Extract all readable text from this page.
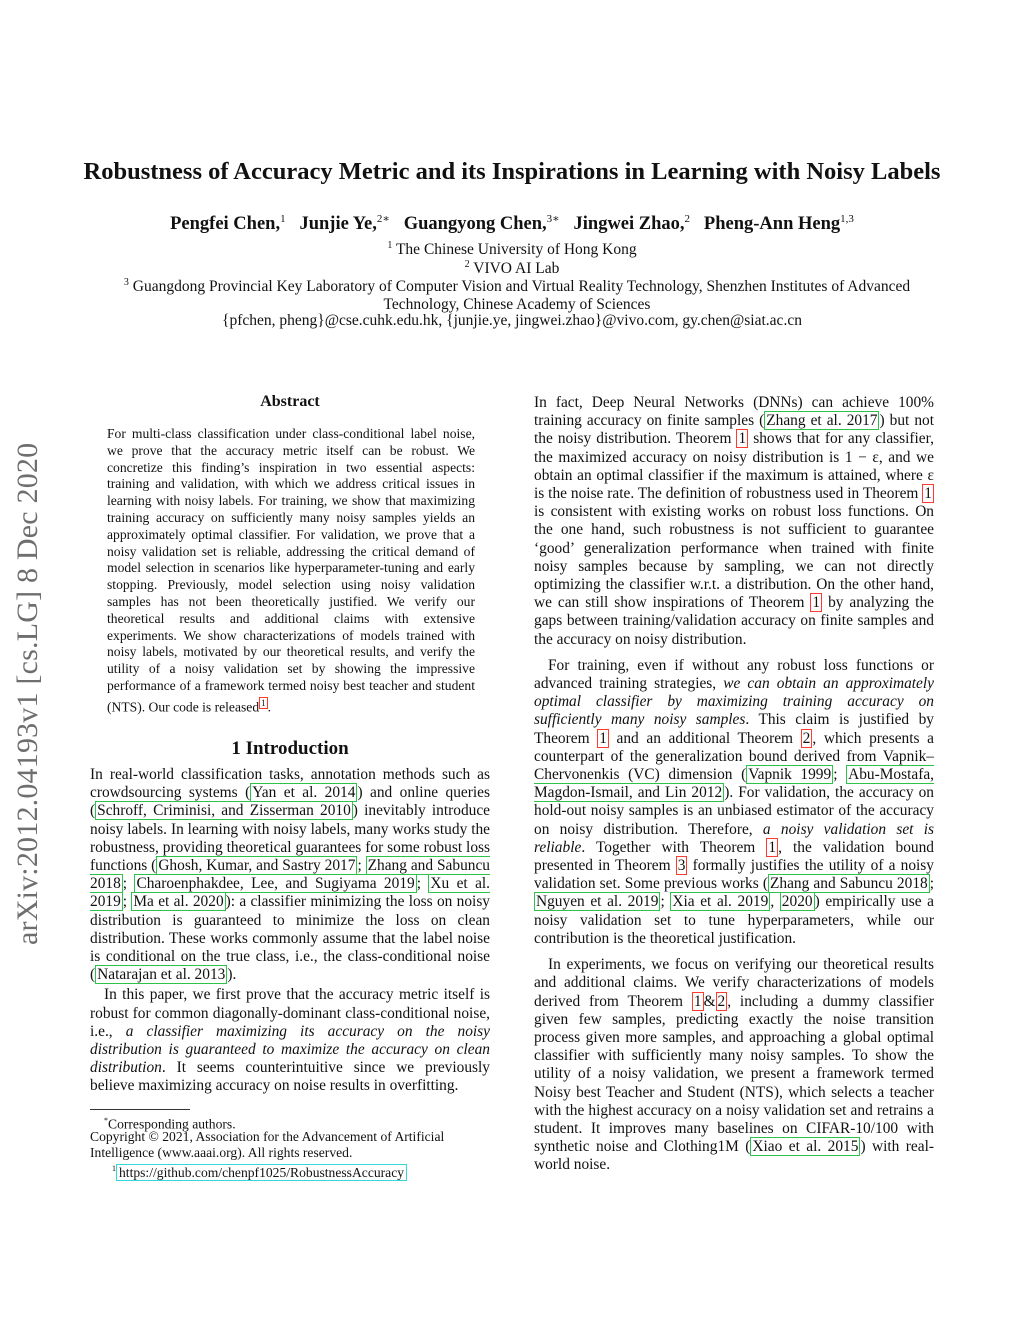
arXiv:2012.04193v1 [cs.LG] 8 Dec 2020
Robustness of Accuracy Metric and its Inspirations in Learning with Noisy Labels
Pengfei Chen,$^1$ Junjie Ye,$^{2∗}$ Guangyong Chen,$^{3∗}$ Jingwei Zhao,$^2$ Pheng-Ann Heng$^{1,3}$
$^1$ The Chinese University of Hong Kong
$^2$ VIVO AI Lab
$^3$ Guangdong Provincial Key Laboratory of Computer Vision and Virtual Reality Technology, Shenzhen Institutes of Advanced Technology, Chinese Academy of Sciences
{pfchen, pheng}@cse.cuhk.edu.hk, {junjie.ye, jingwei.zhao}@vivo.com, gy.chen@siat.ac.cn
Abstract
For multi-class classification under class-conditional label noise, we prove that the accuracy metric itself can be robust. We concretize this finding’s inspiration in two essential aspects: training and validation, with which we address critical issues in learning with noisy labels. For training, we show that maximizing training accuracy on sufficiently many noisy samples yields an approximately optimal classifier. For validation, we prove that a noisy validation set is reliable, addressing the critical demand of model selection in scenarios like hyperparameter-tuning and early stopping. Previously, model selection using noisy validation samples has not been theoretically justified. We verify our theoretical results and additional claims with extensive experiments. We show characterizations of models trained with noisy labels, motivated by our theoretical results, and verify the utility of a noisy validation set by showing the impressive performance of a framework termed noisy best teacher and student (NTS). Our code is released $^1$ .
1 Introduction
In real-world classification tasks, annotation methods such as crowdsourcing systems ( Yan et al. 2014 ) and online queries ( Schroff, Criminisi, and Zisserman 2010 ) inevitably introduce noisy labels. In learning with noisy labels, many works study the robustness, providing theoretical guarantees for some robust loss functions ( Ghosh, Kumar, and Sastry 2017 ; Zhang and Sabuncu 2018 ; Charoenphakdee, Lee, and Sugiyama 2019 ; Xu et al. 2019 ; Ma et al. 2020 ): a classifier minimizing the loss on noisy distribution is guaranteed to minimize the loss on clean distribution. These works commonly assume that the label noise is conditional on the true class, i.e., the class-conditional noise ( Natarajan et al. 2013 ).
In this paper, we first prove that the accuracy metric itself is robust for common diagonally-dominant class-conditional noise, i.e., a classifier maximizing its accuracy on the noisy distribution is guaranteed to maximize the accuracy on clean distribution. It seems counterintuitive since we previously believe maximizing accuracy on noise results in overfitting.
*Corresponding authors.
Copyright © 2021, Association for the Advancement of Artificial Intelligence (www.aaai.org). All rights reserved.
$^1$ https://github.com/chenpf1025/RobustnessAccuracy
In fact, Deep Neural Networks (DNNs) can achieve 100% training accuracy on finite samples ( Zhang et al. 2017 ) but not the noisy distribution. Theorem 1 shows that for any classifier, the maximized accuracy on noisy distribution is 1 − ε, and we obtain an optimal classifier if the maximum is attained, where ε is the noise rate. The definition of robustness used in Theorem 1 is consistent with existing works on robust loss functions. On the one hand, such robustness is not sufficient to guarantee ‘good’ generalization performance when trained with finite noisy samples because by sampling, we can not directly optimizing the classifier w.r.t. a distribution. On the other hand, we can still show inspirations of Theorem 1 by analyzing the gaps between training/validation accuracy on finite samples and the accuracy on noisy distribution.
For training, even if without any robust loss functions or advanced training strategies, we can obtain an approximately optimal classifier by maximizing training accuracy on sufficiently many noisy samples. This claim is justified by Theorem 1 and an additional Theorem 2 , which presents a counterpart of the generalization bound derived from Vapnik–Chervonenkis (VC) dimension ( Vapnik 1999 ; Abu-Mostafa, Magdon-Ismail, and Lin 2012 ). For validation, the accuracy on hold-out noisy samples is an unbiased estimator of the accuracy on noisy distribution. Therefore, a noisy validation set is reliable. Together with Theorem 1 , the validation bound presented in Theorem 3 formally justifies the utility of a noisy validation set. Some previous works ( Zhang and Sabuncu 2018 ; Nguyen et al. 2019 ; Xia et al. 2019 , 2020 ) empirically use a noisy validation set to tune hyperparameters, while our contribution is the theoretical justification.
In experiments, we focus on verifying our theoretical results and additional claims. We verify characterizations of models derived from Theorem 1 & 2 , including a dummy classifier given few samples, predicting exactly the noise transition process given more samples, and approaching a global optimal classifier with sufficiently many noisy samples. To show the utility of a noisy validation, we present a framework termed Noisy best Teacher and Student (NTS), which selects a teacher with the highest accuracy on a noisy validation set and retrains a student. It improves many baselines on CIFAR-10/100 with synthetic noise and Clothing1M ( Xiao et al. 2015 ) with real-world noise.
